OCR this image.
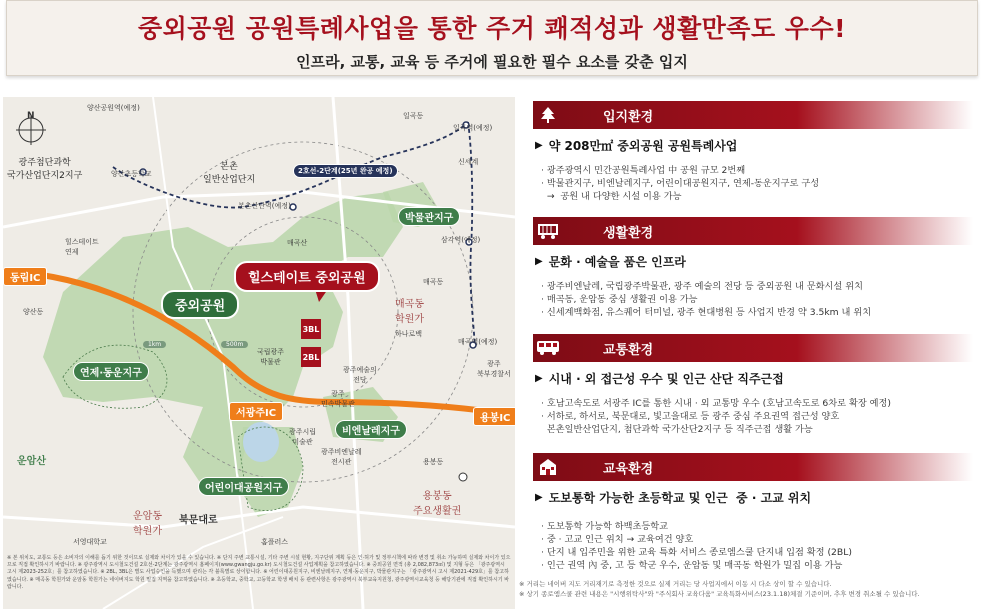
중외공원 공원특례사업을 통한 주거 쾌적성과 생활만족도 우수!
인프라, 교통, 교육 등 주거에 필요한 필수 요소를 갖춘 입지
N
광주첨단과학
국가산업단지2지구
본촌
일반산업단지
양산공원역(예정)
양산초등학교
일곡동
일곡역(예정)
본촌산단역(예정)
2호선-2단계(25년 완공 예정)
삼각역(예정)
매곡역(예정)
매곡산
힐스테이트
연제
힐스테이트 중외공원
중외공원
3BL
2BL
1km	500m
동림IC
서광주IC	용봉IC
연제·동운지구
박물관지구
비엔날레지구
어린이대공원지구
국립광주
박물관
광주시립
미술관
광주비엔날레
전시관
광주예술의
전당
광주
민속박물관
매곡동
학원가
용봉동
주요생활권
운암동
학원가
북문대로
운암산
하나로백
서영대학교	홈플러스
광주
북부경찰서
신세계
양산동
매곡동
용봉동
※ 본 위치도, 교통도 등은 소비자의 이해를 돕기 위한 것이므로 실제와 차이가 있을 수 있습니다. ※ 단지 주변 교통시설, 기타 주변 시설 현황, 지구단위 계획 등은 인·허가 및 정부시책에 따라 변경 및 취소 가능하며 실제와 차이가 있으므로 직접 확인하시기 바랍니다. ※ 광주광역시 도시철도건설 2호선-2단계는 광주광역시 홈페이지(www.gwangju.go.kr) 도시철도건설 사업계획을 참고하였습니다. ※ 중외공원 면적 (총 2,082,873㎡) 및 지형 등은 「광주광역시 고시 제2023-252호」를 참고하였습니다. ※ 2BL, 3BL은 별도 사업승인을 득했으며 관리는 각 블록별로 상이합니다. ※ 어린이대공원지구, 비엔날레지구, 연제·동운지구, 박물관지구는 「광주광역시 고시 제2021-429호」를 참고하였습니다. ※ 매곡동 학원가와 운암동 학원가는 네이버지도 학원 밀집 지역을 참고하였습니다. ※ 초등학교, 중학교, 고등학교 학생 배치 등 관련사항은 광주광역시 북부교육지원청, 광주광역시교육청 등 해당기관에 직접 확인하시기 바랍니다.
입지환경
▶ 약 208만㎡ 중외공원 공원특례사업
· 광주광역시 민간공원특례사업 中 공원 규모 2번째
· 박물관지구, 비엔날레지구, 어린이대공원지구, 연제-동운지구로 구성
→  공원 내 다양한 시설 이용 가능
생활환경
▶ 문화 · 예술을 품은 인프라
· 광주비엔날레, 국립광주박물관, 광주 예술의 전당 등 중외공원 내 문화시설 위치
· 매곡동, 운암동 중심 생활권 이용 가능
· 신세계백화점, 유스퀘어 터미널, 광주 현대병원 등 사업지 반경 약 3.5km 내 위치
교통환경
▶ 시내 · 외 접근성 우수 및 인근 산단 직주근접
· 호남고속도로 서광주 IC를 통한 시내 · 외 교통망 우수 (호남고속도로 6차로 확장 예정)
· 서하로, 하서로, 북문대로, 빛고을대로 등 광주 중심 주요권역 접근성 양호
본촌일반산업단지, 첨단과학 국가산단2지구 등 직주근접 생활 가능
교육환경
▶ 도보통학 가능한 초등학교 및 인근  중 · 고교 위치
· 도보통학 가능학 하백초등학교
· 중 · 고교 인근 위치 → 교육여건 양호
· 단지 내 입주민을 위한 교육 특화 서비스 종로엠스쿨 단지내 입점 확정 (2BL)
· 인근 권역 內 중, 고 등 학군 우수, 운암동 및 매곡동 학원가 밀집 이용 가능
※ 거리는 네이버 지도 거리재기로 측정한 것으로 실제 거리는 당 사업지에서 이동 시 다소 상이 할 수 있습니다.
※ 상기 종로엠스쿨 관련 내용은 "시행위탁사"와 "주식회사 교육다움" 교육특화서비스(23.1.18)체결 기준이며, 추후 변경 취소될 수 있습니다.
